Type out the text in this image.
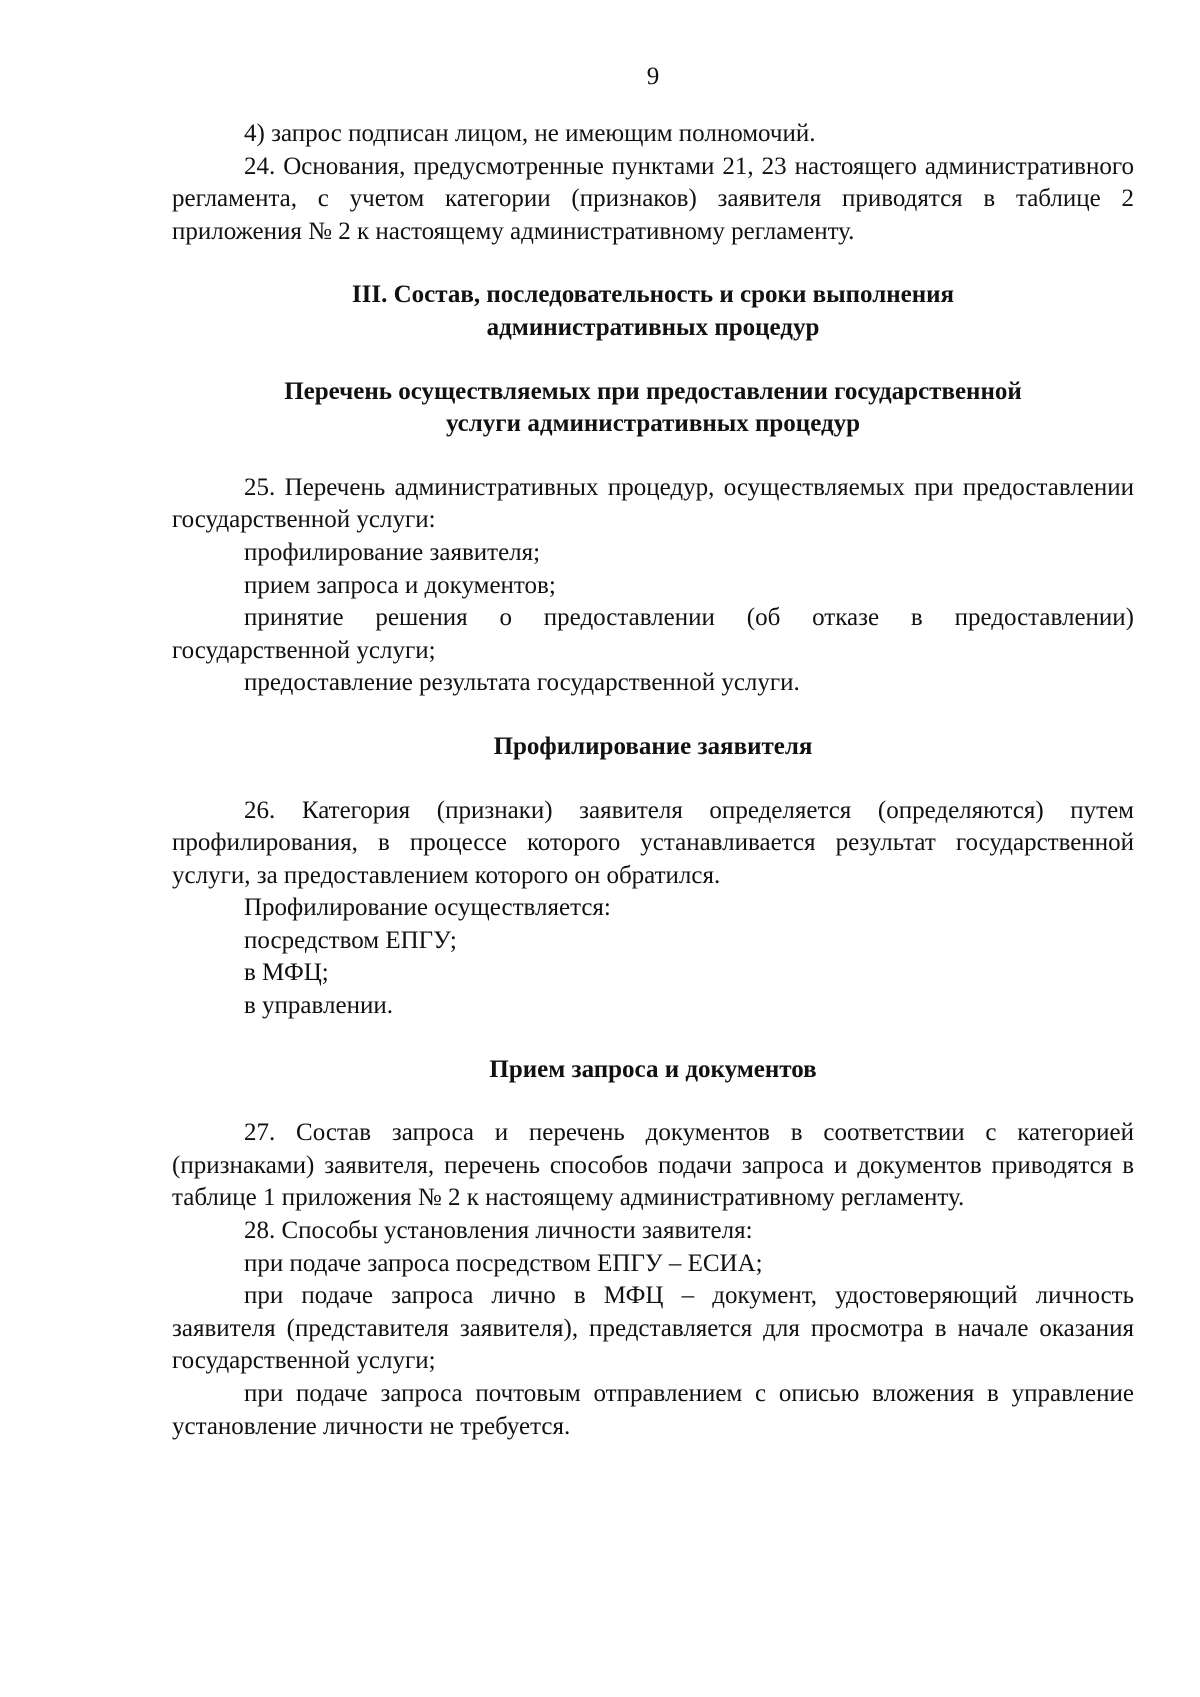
9

4) запрос подписан лицом, не имеющим полномочий.

24. Основания, предусмотренные пунктами 21, 23 настоящего административного регламента, с учетом категории (признаков) заявителя приводятся в таблице 2 приложения № 2 к настоящему административному регламенту.

III. Состав, последовательность и сроки выполнения
административных процедур
Перечень осуществляемых при предоставлении государственной
услуги административных процедур

25. Перечень административных процедур, осуществляемых при предоставлении государственной услуги:

профилирование заявителя;

прием запроса и документов;

принятие решения о предоставлении (об отказе в предоставлении) государственной услуги;

предоставление результата государственной услуги.

Профилирование заявителя

26. Категория (признаки) заявителя определяется (определяются) путем профилирования, в процессе которого устанавливается результат государственной услуги, за предоставлением которого он обратился.

Профилирование осуществляется:

посредством ЕПГУ;

в МФЦ;

в управлении.

Прием запроса и документов

27. Состав запроса и перечень документов в соответствии с категорией (признаками) заявителя, перечень способов подачи запроса и документов приводятся в таблице 1 приложения № 2 к настоящему административному регламенту.

28. Способы установления личности заявителя:

при подаче запроса посредством ЕПГУ – ЕСИА;

при подаче запроса лично в МФЦ – документ, удостоверяющий личность заявителя (представителя заявителя), представляется для просмотра в начале оказания государственной услуги;

при подаче запроса почтовым отправлением с описью вложения в управление установление личности не требуется.
